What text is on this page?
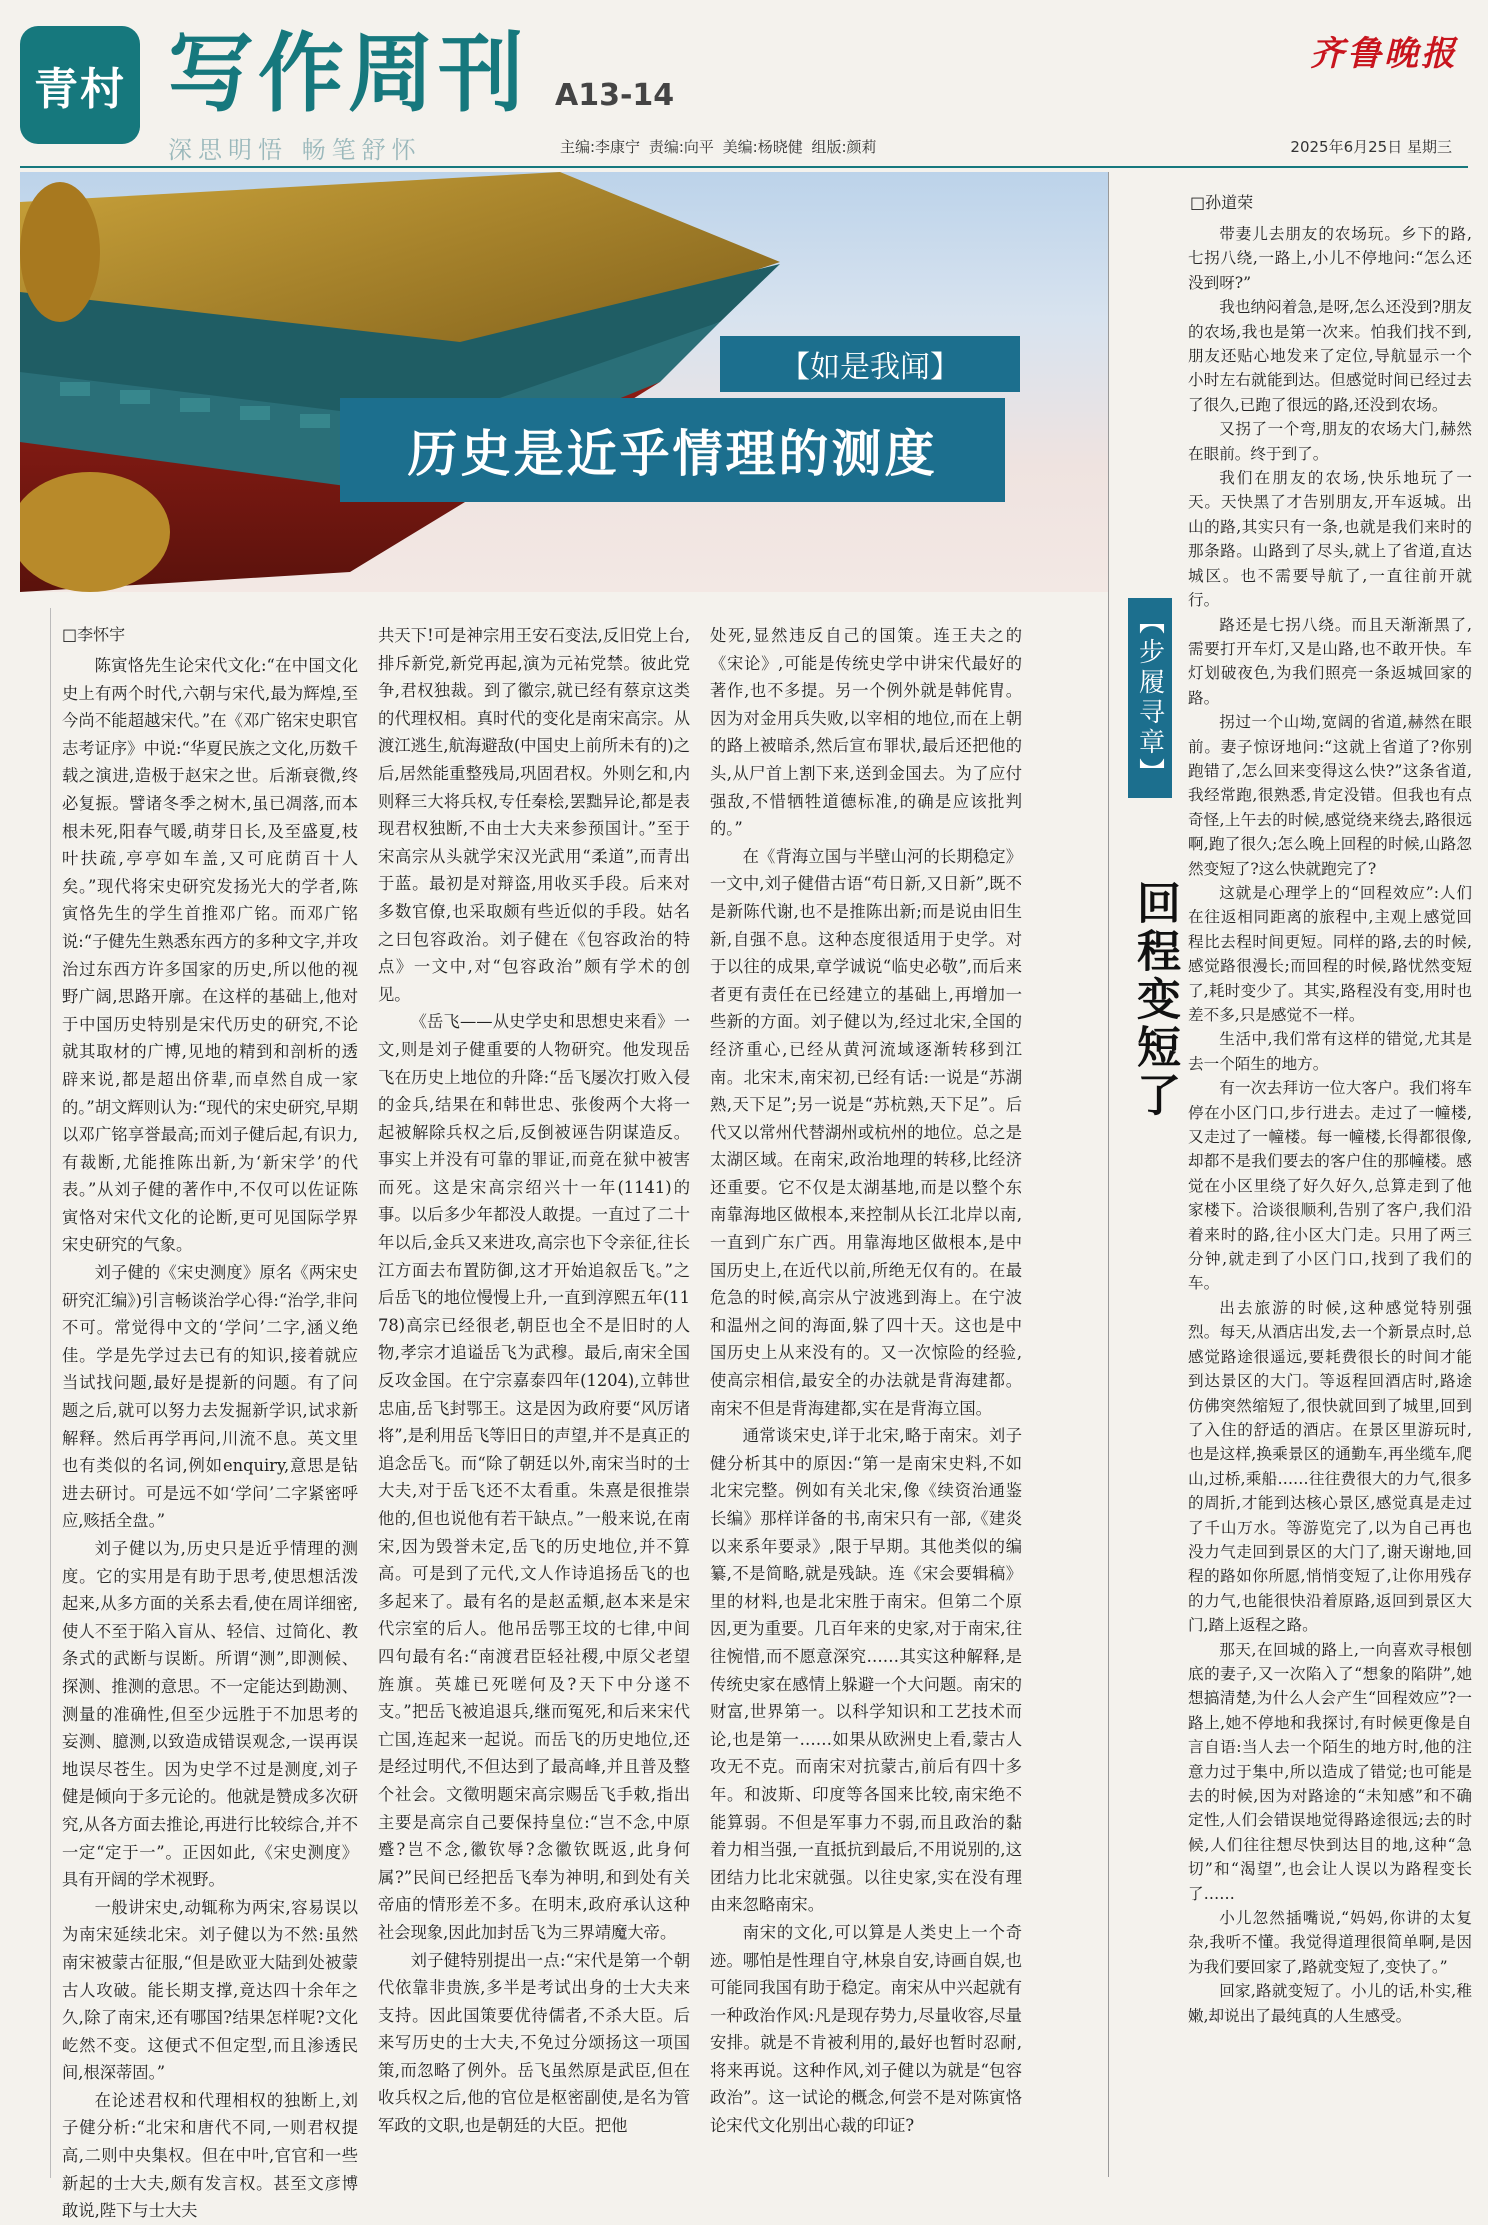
青村 写作周刊 A13-14
齐鲁晚报
深思明悟 畅笔舒怀	主编:李康宁 责编:向平 美编:杨晓健 组版:颜莉	2025年6月25日 星期三
【如是我闻】
历史是近乎情理的测度
□李怀宇

陈寅恪先生论宋代文化:“在中国文化史上有两个时代,六朝与宋代,最为辉煌,至今尚不能超越宋代。”在《邓广铭宋史职官志考证序》中说:“华夏民族之文化,历数千载之演进,造极于赵宋之世。后渐衰微,终必复振。譬诸冬季之树木,虽已凋落,而本根未死,阳春气暖,萌芽日长,及至盛夏,枝叶扶疏,亭亭如车盖,又可庇荫百十人矣。”现代将宋史研究发扬光大的学者,陈寅恪先生的学生首推邓广铭。而邓广铭说:“子健先生熟悉东西方的多种文字,并攻治过东西方许多国家的历史,所以他的视野广阔,思路开廓。在这样的基础上,他对于中国历史特别是宋代历史的研究,不论就其取材的广博,见地的精到和剖析的透辟来说,都是超出侪辈,而卓然自成一家的。”胡文辉则认为:“现代的宋史研究,早期以邓广铭享誉最高;而刘子健后起,有识力,有裁断,尤能推陈出新,为‘新宋学’的代表。”从刘子健的著作中,不仅可以佐证陈寅恪对宋代文化的论断,更可见国际学界宋史研究的气象。

刘子健的《宋史测度》原名《两宋史研究汇编》)引言畅谈治学心得:“治学,非问不可。常觉得中文的‘学问’二字,涵义绝佳。学是先学过去已有的知识,接着就应当试找问题,最好是提新的问题。有了问题之后,就可以努力去发掘新学识,试求新解释。然后再学再问,川流不息。英文里也有类似的名词,例如enquiry,意思是钻进去研讨。可是远不如‘学问’二字紧密呼应,赅括全盘。”

刘子健以为,历史只是近乎情理的测度。它的实用是有助于思考,使思想活泼起来,从多方面的关系去看,使在周详细密,使人不至于陷入盲从、轻信、过简化、教条式的武断与误断。所谓“测”,即测候、探测、推测的意思。不一定能达到勘测、测量的准确性,但至少远胜于不加思考的妄测、臆测,以致造成错误观念,一误再误地误尽苍生。因为史学不过是测度,刘子健是倾向于多元论的。他就是赞成多次研究,从各方面去推论,再进行比较综合,并不一定“定于一”。正因如此,《宋史测度》具有开阔的学术视野。

一般讲宋史,动辄称为两宋,容易误以为南宋延续北宋。刘子健以为不然:虽然南宋被蒙古征服,“但是欧亚大陆到处被蒙古人攻破。能长期支撑,竟达四十余年之久,除了南宋,还有哪国?结果怎样呢?文化屹然不变。这便式不但定型,而且渗透民间,根深蒂固。”

在论述君权和代理相权的独断上,刘子健分析:“北宋和唐代不同,一则君权提高,二则中央集权。但在中叶,官官和一些新起的士大夫,颇有发言权。甚至文彦博敢说,陛下与士大夫

共天下!可是神宗用王安石变法,反旧党上台,排斥新党,新党再起,演为元祐党禁。彼此党争,君权独裁。到了徽宗,就已经有蔡京这类的代理权相。真时代的变化是南宋高宗。从渡江逃生,航海避敌(中国史上前所未有的)之后,居然能重整残局,巩固君权。外则乞和,内则释三大将兵权,专任秦桧,罢黜异论,都是表现君权独断,不由士大夫来参预国计。”至于宋高宗从头就学宋汉光武用“柔道”,而青出于蓝。最初是对辩盗,用收买手段。后来对多数官僚,也采取颇有些近似的手段。姑名之曰包容政治。刘子健在《包容政治的特点》一文中,对“包容政治”颇有学术的创见。

《岳飞——从史学史和思想史来看》一文,则是刘子健重要的人物研究。他发现岳飞在历史上地位的升降:“岳飞屡次打败入侵的金兵,结果在和韩世忠、张俊两个大将一起被解除兵权之后,反倒被诬告阴谋造反。事实上并没有可靠的罪证,而竟在狱中被害而死。这是宋高宗绍兴十一年(1141)的事。以后多少年都没人敢提。一直过了二十年以后,金兵又来进攻,高宗也下令亲征,往长江方面去布置防御,这才开始追叙岳飞。”之后岳飞的地位慢慢上升,一直到淳熙五年(1178)高宗已经很老,朝臣也全不是旧时的人物,孝宗才追谥岳飞为武穆。最后,南宋全国反攻金国。在宁宗嘉泰四年(1204),立韩世忠庙,岳飞封鄂王。这是因为政府要“风厉诸将”,是利用岳飞等旧日的声望,并不是真正的追念岳飞。而“除了朝廷以外,南宋当时的士大夫,对于岳飞还不太看重。朱熹是很推崇他的,但也说他有若干缺点。”一般来说,在南宋,因为毁誉未定,岳飞的历史地位,并不算高。可是到了元代,文人作诗追扬岳飞的也多起来了。最有名的是赵孟頫,赵本来是宋代宗室的后人。他吊岳鄂王坟的七律,中间四句最有名:“南渡君臣轻社稷,中原父老望旌旗。英雄已死嗟何及?天下中分遂不支。”把岳飞被追退兵,继而冤死,和后来宋代亡国,连起来一起说。而岳飞的历史地位,还是经过明代,不但达到了最高峰,并且普及整个社会。文徵明题宋高宗赐岳飞手敕,指出主要是高宗自己要保持皇位:“岂不念,中原蹙?岂不念,徽钦辱?念徽钦既返,此身何属?”民间已经把岳飞奉为神明,和到处有关帝庙的情形差不多。在明末,政府承认这种社会现象,因此加封岳飞为三界靖魔大帝。

刘子健特别提出一点:“宋代是第一个朝代依靠非贵族,多半是考试出身的士大夫来支持。因此国策要优待儒者,不杀大臣。后来写历史的士大夫,不免过分颂扬这一项国策,而忽略了例外。岳飞虽然原是武臣,但在收兵权之后,他的官位是枢密副使,是名为管军政的文职,也是朝廷的大臣。把他

处死,显然违反自己的国策。连王夫之的《宋论》,可能是传统史学中讲宋代最好的著作,也不多提。另一个例外就是韩侂胄。因为对金用兵失败,以宰相的地位,而在上朝的路上被暗杀,然后宣布罪状,最后还把他的头,从尸首上割下来,送到金国去。为了应付强敌,不惜牺牲道德标准,的确是应该批判的。”

在《背海立国与半壁山河的长期稳定》一文中,刘子健借古语“苟日新,又日新”,既不是新陈代谢,也不是推陈出新;而是说由旧生新,自强不息。这种态度很适用于史学。对于以往的成果,章学诚说“临史必敬”,而后来者更有责任在已经建立的基础上,再增加一些新的方面。刘子健以为,经过北宋,全国的经济重心,已经从黄河流域逐渐转移到江南。北宋末,南宋初,已经有话:一说是“苏湖熟,天下足”;另一说是“苏杭熟,天下足”。后代又以常州代替湖州或杭州的地位。总之是太湖区域。在南宋,政治地理的转移,比经济还重要。它不仅是太湖基地,而是以整个东南靠海地区做根本,来控制从长江北岸以南,一直到广东广西。用靠海地区做根本,是中国历史上,在近代以前,所绝无仅有的。在最危急的时候,高宗从宁波逃到海上。在宁波和温州之间的海面,躲了四十天。这也是中国历史上从来没有的。又一次惊险的经验,使高宗相信,最安全的办法就是背海建都。南宋不但是背海建都,实在是背海立国。

通常谈宋史,详于北宋,略于南宋。刘子健分析其中的原因:“第一是南宋史料,不如北宋完整。例如有关北宋,像《续资治通鉴长编》那样详备的书,南宋只有一部,《建炎以来系年要录》,限于早期。其他类似的编纂,不是简略,就是残缺。连《宋会要辑稿》里的材料,也是北宋胜于南宋。但第二个原因,更为重要。几百年来的史家,对于南宋,往往惋惜,而不愿意深究……其实这种解释,是传统史家在感情上躲避一个大问题。南宋的财富,世界第一。以科学知识和工艺技术而论,也是第一……如果从欧洲史上看,蒙古人攻无不克。而南宋对抗蒙古,前后有四十多年。和波斯、印度等各国来比较,南宋绝不能算弱。不但是军事力不弱,而且政治的黏着力相当强,一直抵抗到最后,不用说别的,这团结力比北宋就强。以往史家,实在没有理由来忽略南宋。

南宋的文化,可以算是人类史上一个奇迹。哪怕是性理自守,林泉自安,诗画自娱,也可能同我国有助于稳定。南宋从中兴起就有一种政治作风:凡是现存势力,尽量收容,尽量安排。就是不肯被利用的,最好也暂时忍耐,将来再说。这种作风,刘子健以为就是“包容政治”。这一试论的概念,何尝不是对陈寅恪论宋代文化别出心裁的印证?

□孙道荣
【步履寻章】
回程变短了

带妻儿去朋友的农场玩。乡下的路,七拐八绕,一路上,小儿不停地问:“怎么还没到呀?”

我也纳闷着急,是呀,怎么还没到?朋友的农场,我也是第一次来。怕我们找不到,朋友还贴心地发来了定位,导航显示一个小时左右就能到达。但感觉时间已经过去了很久,已跑了很远的路,还没到农场。

又拐了一个弯,朋友的农场大门,赫然在眼前。终于到了。

我们在朋友的农场,快乐地玩了一天。天快黑了才告别朋友,开车返城。出山的路,其实只有一条,也就是我们来时的那条路。山路到了尽头,就上了省道,直达城区。也不需要导航了,一直往前开就行。

路还是七拐八绕。而且天渐渐黑了,需要打开车灯,又是山路,也不敢开快。车灯划破夜色,为我们照亮一条返城回家的路。

拐过一个山坳,宽阔的省道,赫然在眼前。妻子惊讶地问:“这就上省道了?你别跑错了,怎么回来变得这么快?”这条省道,我经常跑,很熟悉,肯定没错。但我也有点奇怪,上午去的时候,感觉绕来绕去,路很远啊,跑了很久;怎么晚上回程的时候,山路忽然变短了?这么快就跑完了?

这就是心理学上的“回程效应”:人们在往返相同距离的旅程中,主观上感觉回程比去程时间更短。同样的路,去的时候,感觉路很漫长;而回程的时候,路忧然变短了,耗时变少了。其实,路程没有变,用时也差不多,只是感觉不一样。

生活中,我们常有这样的错觉,尤其是去一个陌生的地方。

有一次去拜访一位大客户。我们将车停在小区门口,步行进去。走过了一幢楼,又走过了一幢楼。每一幢楼,长得都很像,却都不是我们要去的客户住的那幢楼。感觉在小区里绕了好久好久,总算走到了他家楼下。洽谈很顺利,告别了客户,我们沿着来时的路,往小区大门走。只用了两三分钟,就走到了小区门口,找到了我们的车。

出去旅游的时候,这种感觉特别强烈。每天,从酒店出发,去一个新景点时,总感觉路途很遥远,要耗费很长的时间才能到达景区的大门。等返程回酒店时,路途仿佛突然缩短了,很快就回到了城里,回到了入住的舒适的酒店。在景区里游玩时,也是这样,换乘景区的通勤车,再坐缆车,爬山,过桥,乘船……往往费很大的力气,很多的周折,才能到达核心景区,感觉真是走过了千山万水。等游览完了,以为自己再也没力气走回到景区的大门了,谢天谢地,回程的路如你所愿,悄悄变短了,让你用残存的力气,也能很快沿着原路,返回到景区大门,踏上返程之路。

那天,在回城的路上,一向喜欢寻根刨底的妻子,又一次陷入了“想象的陷阱”,她想搞清楚,为什么人会产生“回程效应”?一路上,她不停地和我探讨,有时候更像是自言自语:当人去一个陌生的地方时,他的注意力过于集中,所以造成了错觉;也可能是去的时候,因为对路途的“未知感”和不确定性,人们会错误地觉得路途很远;去的时候,人们往往想尽快到达目的地,这种“急切”和“渴望”,也会让人误以为路程变长了……

小儿忽然插嘴说,“妈妈,你讲的太复杂,我听不懂。我觉得道理很简单啊,是因为我们要回家了,路就变短了,变快了。”

回家,路就变短了。小儿的话,朴实,稚嫩,却说出了最纯真的人生感受。
